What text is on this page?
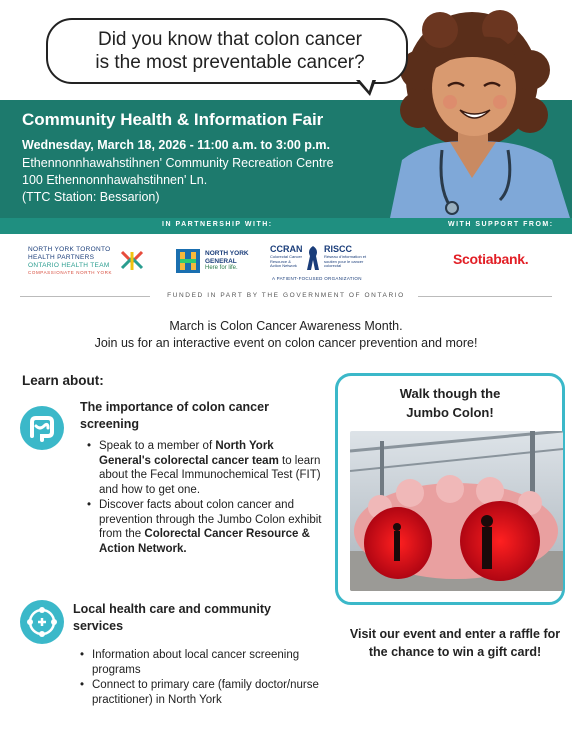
IN PARTNERSHIP WITH:	WITH SUPPORT FROM:
Did you know that colon cancer
is the most preventable cancer?
Community Health & Information Fair
Wednesday, March 18, 2026 - 11:00 a.m. to 3:00 p.m.
Ethennonnhawahstihnen' Community Recreation Centre
100 Ethennonnhawahstihnen' Ln.
(TTC Station: Bessarion)
NORTH YORK TORONTO
HEALTH PARTNERS
ONTARIO HEALTH TEAM
COMPASSIONATE NORTH YORK
NORTH YORK
GENERAL
Here for life.
CCRAN RISCC
Colorectal Cancer Resource & Action Network
Réseau d'information et soutien pour le cancer colorectal
A PATIENT-FOCUSED ORGANIZATION
Scotiabank.
FUNDED IN PART BY THE GOVERNMENT OF ONTARIO
March is Colon Cancer Awareness Month.
Join us for an interactive event on colon cancer prevention and more!
Learn about:
The importance of colon cancer screening
• Speak to a member of North York General's colorectal cancer team to learn about the Fecal Immunochemical Test (FIT) and how to get one.
• Discover facts about colon cancer and prevention through the Jumbo Colon exhibit from the Colorectal Cancer Resource & Action Network.
Local health care and community services
• Information about local cancer screening programs
• Connect to primary care (family doctor/nurse practitioner) in North York
Walk though the
Jumbo Colon!
Visit our event and enter a raffle for the chance to win a gift card!
